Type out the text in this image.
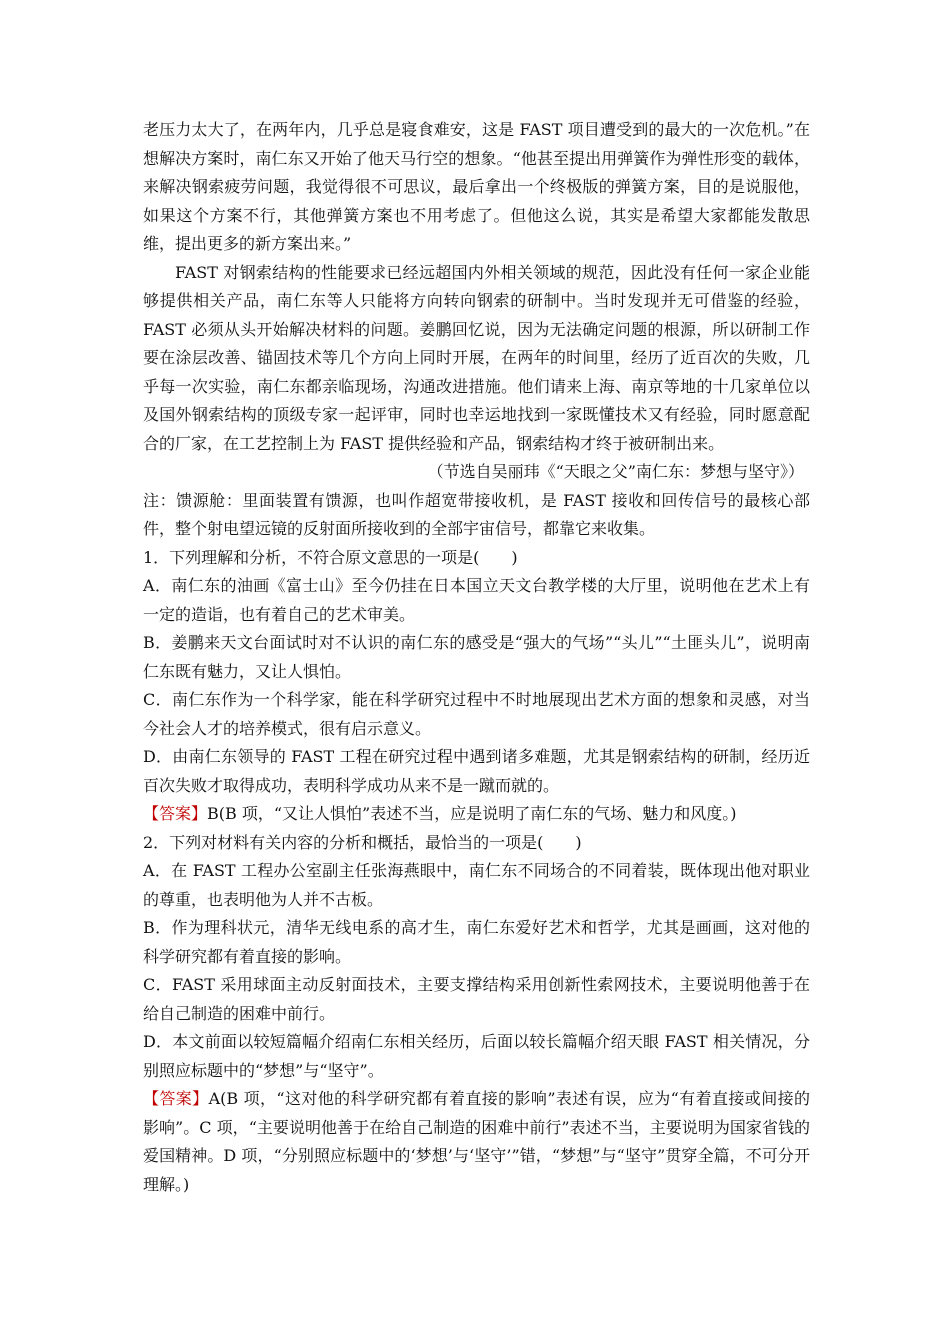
老压力太大了，在两年内，几乎总是寝食难安，这是 FAST 项目遭受到的最大的一次危机。”在想解决方案时，南仁东又开始了他天马行空的想象。“他甚至提出用弹簧作为弹性形变的载体，来解决钢索疲劳问题，我觉得很不可思议，最后拿出一个终极版的弹簧方案，目的是说服他，如果这个方案不行，其他弹簧方案也不用考虑了。但他这么说，其实是希望大家都能发散思维，提出更多的新方案出来。”

FAST 对钢索结构的性能要求已经远超国内外相关领域的规范，因此没有任何一家企业能够提供相关产品，南仁东等人只能将方向转向钢索的研制中。当时发现并无可借鉴的经验，FAST 必须从头开始解决材料的问题。姜鹏回忆说，因为无法确定问题的根源，所以研制工作要在涂层改善、锚固技术等几个方向上同时开展，在两年的时间里，经历了近百次的失败，几乎每一次实验，南仁东都亲临现场，沟通改进措施。他们请来上海、南京等地的十几家单位以及国外钢索结构的顶级专家一起评审，同时也幸运地找到一家既懂技术又有经验，同时愿意配合的厂家，在工艺控制上为 FAST 提供经验和产品，钢索结构才终于被研制出来。

（节选自吴丽玮《“天眼之父”南仁东：梦想与坚守》）

注：馈源舱：里面装置有馈源，也叫作超宽带接收机，是 FAST 接收和回传信号的最核心部件，整个射电望远镜的反射面所接收到的全部宇宙信号，都靠它来收集。

1．下列理解和分析，不符合原文意思的一项是(　　)

A．南仁东的油画《富士山》至今仍挂在日本国立天文台教学楼的大厅里，说明他在艺术上有一定的造诣，也有着自己的艺术审美。

B．姜鹏来天文台面试时对不认识的南仁东的感受是“强大的气场”“头儿”“土匪头儿”，说明南仁东既有魅力，又让人惧怕。

C．南仁东作为一个科学家，能在科学研究过程中不时地展现出艺术方面的想象和灵感，对当今社会人才的培养模式，很有启示意义。

D．由南仁东领导的 FAST 工程在研究过程中遇到诸多难题，尤其是钢索结构的研制，经历近百次失败才取得成功，表明科学成功从来不是一蹴而就的。

【答案】B(B 项，“又让人惧怕”表述不当，应是说明了南仁东的气场、魅力和风度。)

2．下列对材料有关内容的分析和概括，最恰当的一项是(　　)

A．在 FAST 工程办公室副主任张海燕眼中，南仁东不同场合的不同着装，既体现出他对职业的尊重，也表明他为人并不古板。

B．作为理科状元，清华无线电系的高才生，南仁东爱好艺术和哲学，尤其是画画，这对他的科学研究都有着直接的影响。

C．FAST 采用球面主动反射面技术，主要支撑结构采用创新性索网技术，主要说明他善于在给自己制造的困难中前行。

D．本文前面以较短篇幅介绍南仁东相关经历，后面以较长篇幅介绍天眼 FAST 相关情况，分别照应标题中的“梦想”与“坚守”。

【答案】A(B 项，“这对他的科学研究都有着直接的影响”表述有误，应为“有着直接或间接的影响”。C 项，“主要说明他善于在给自己制造的困难中前行”表述不当，主要说明为国家省钱的爱国精神。D 项，“分别照应标题中的‘梦想’与‘坚守’”错，“梦想”与“坚守”贯穿全篇，不可分开理解。)
